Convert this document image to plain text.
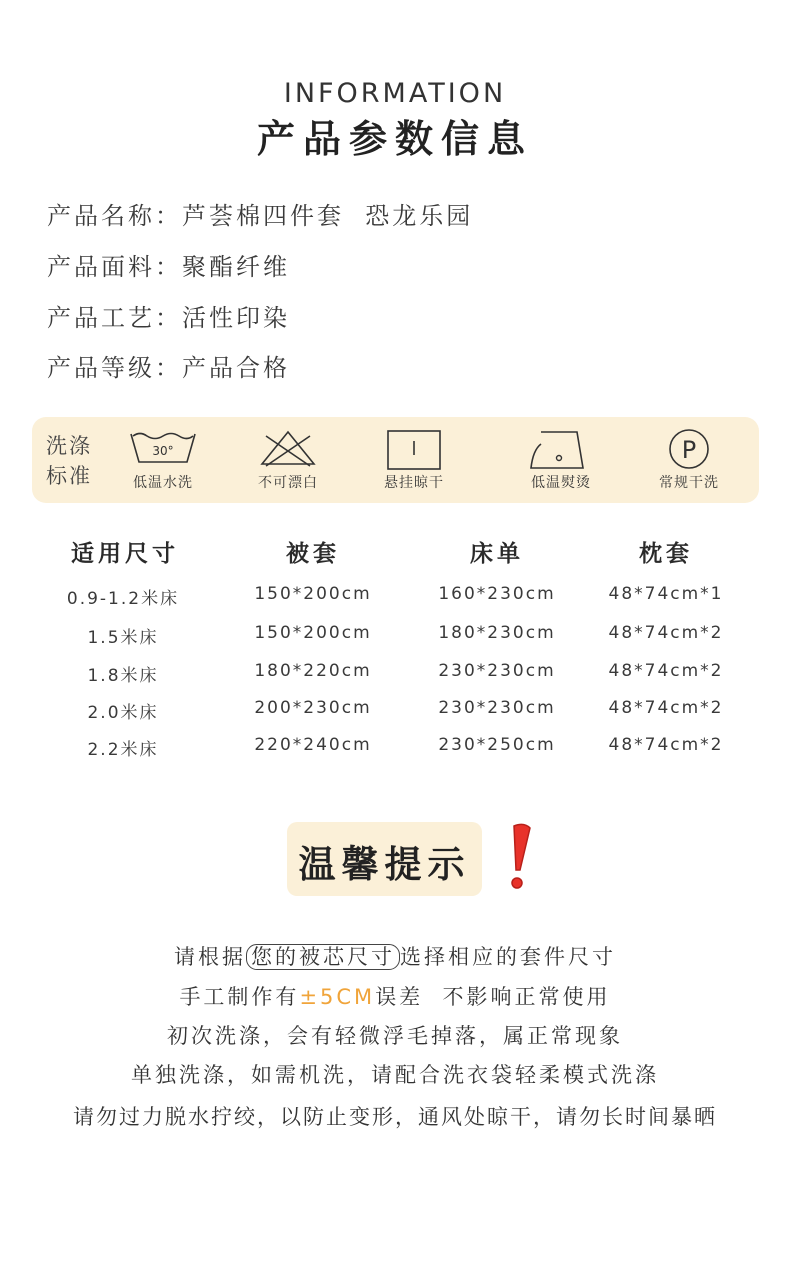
INFORMATION
产品参数信息
产品名称：芦荟棉四件套  恐龙乐园
产品面料：聚酯纤维
产品工艺：活性印染
产品等级：产品合格
洗涤标准
30°
低温水洗	不可漂白	悬挂晾干	低温熨烫
P
常规干洗
适用尺寸	被套	床单	枕套
0.9-1.2米床	150*200cm	160*230cm	48*74cm*1
1.5米床	150*200cm	180*230cm	48*74cm*2
1.8米床	180*220cm	230*230cm	48*74cm*2
2.0米床	200*230cm	230*230cm	48*74cm*2
2.2米床	220*240cm	230*250cm	48*74cm*2
温馨提示
请根据 您的被芯尺寸 选择相应的套件尺寸
手工制作有±5CM误差  不影响正常使用
初次洗涤，会有轻微浮毛掉落，属正常现象
单独洗涤，如需机洗，请配合洗衣袋轻柔模式洗涤
请勿过力脱水拧绞，以防止变形，通风处晾干，请勿长时间暴晒
